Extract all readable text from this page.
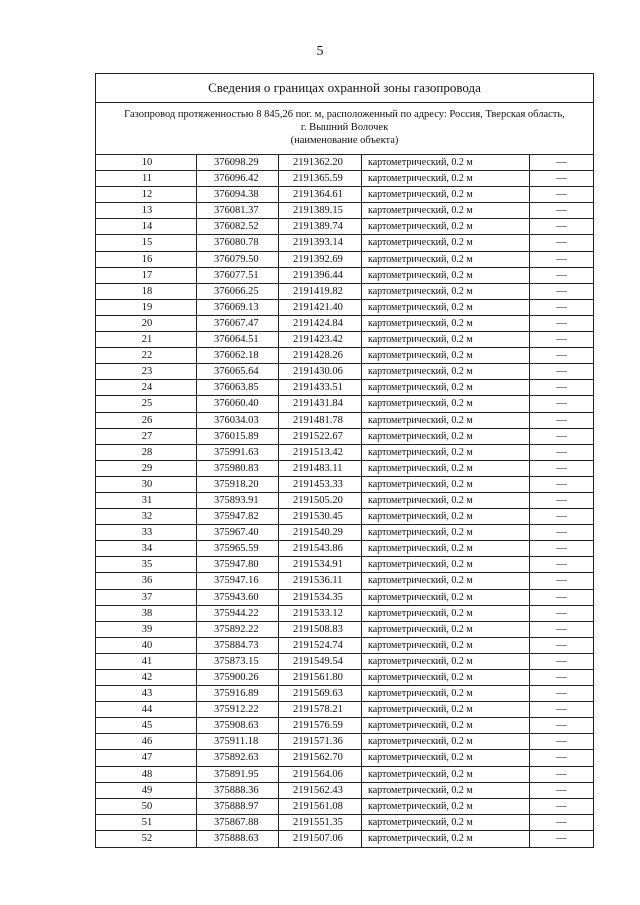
5
Сведения о границах охранной зоны газопровода
Газопровод протяженностью 8 845,26 пог. м, расположенный по адресу: Россия, Тверская область,
г. Вышний Волочек
(наименование объекта)
10	376098.29	2191362.20	картометрический, 0.2 м	—
11	376096.42	2191365.59	картометрический, 0.2 м	—
12	376094.38	2191364.61	картометрический, 0.2 м	—
13	376081.37	2191389.15	картометрический, 0.2 м	—
14	376082.52	2191389.74	картометрический, 0.2 м	—
15	376080.78	2191393.14	картометрический, 0.2 м	—
16	376079.50	2191392.69	картометрический, 0.2 м	—
17	376077.51	2191396.44	картометрический, 0.2 м	—
18	376066.25	2191419.82	картометрический, 0.2 м	—
19	376069.13	2191421.40	картометрический, 0.2 м	—
20	376067.47	2191424.84	картометрический, 0.2 м	—
21	376064.51	2191423.42	картометрический, 0.2 м	—
22	376062.18	2191428.26	картометрический, 0.2 м	—
23	376065.64	2191430.06	картометрический, 0.2 м	—
24	376063.85	2191433.51	картометрический, 0.2 м	—
25	376060.40	2191431.84	картометрический, 0.2 м	—
26	376034.03	2191481.78	картометрический, 0.2 м	—
27	376015.89	2191522.67	картометрический, 0.2 м	—
28	375991.63	2191513.42	картометрический, 0.2 м	—
29	375980.83	2191483.11	картометрический, 0.2 м	—
30	375918.20	2191453.33	картометрический, 0.2 м	—
31	375893.91	2191505.20	картометрический, 0.2 м	—
32	375947.82	2191530.45	картометрический, 0.2 м	—
33	375967.40	2191540.29	картометрический, 0.2 м	—
34	375965.59	2191543.86	картометрический, 0.2 м	—
35	375947.80	2191534.91	картометрический, 0.2 м	—
36	375947.16	2191536.11	картометрический, 0.2 м	—
37	375943.60	2191534.35	картометрический, 0.2 м	—
38	375944.22	2191533.12	картометрический, 0.2 м	—
39	375892.22	2191508.83	картометрический, 0.2 м	—
40	375884.73	2191524.74	картометрический, 0.2 м	—
41	375873.15	2191549.54	картометрический, 0.2 м	—
42	375900.26	2191561.80	картометрический, 0.2 м	—
43	375916.89	2191569.63	картометрический, 0.2 м	—
44	375912.22	2191578.21	картометрический, 0.2 м	—
45	375908.63	2191576.59	картометрический, 0.2 м	—
46	375911.18	2191571.36	картометрический, 0.2 м	—
47	375892.63	2191562.70	картометрический, 0.2 м	—
48	375891.95	2191564.06	картометрический, 0.2 м	—
49	375888.36	2191562.43	картометрический, 0.2 м	—
50	375888.97	2191561.08	картометрический, 0.2 м	—
51	375867.88	2191551.35	картометрический, 0.2 м	—
52	375888.63	2191507.06	картометрический, 0.2 м	—
